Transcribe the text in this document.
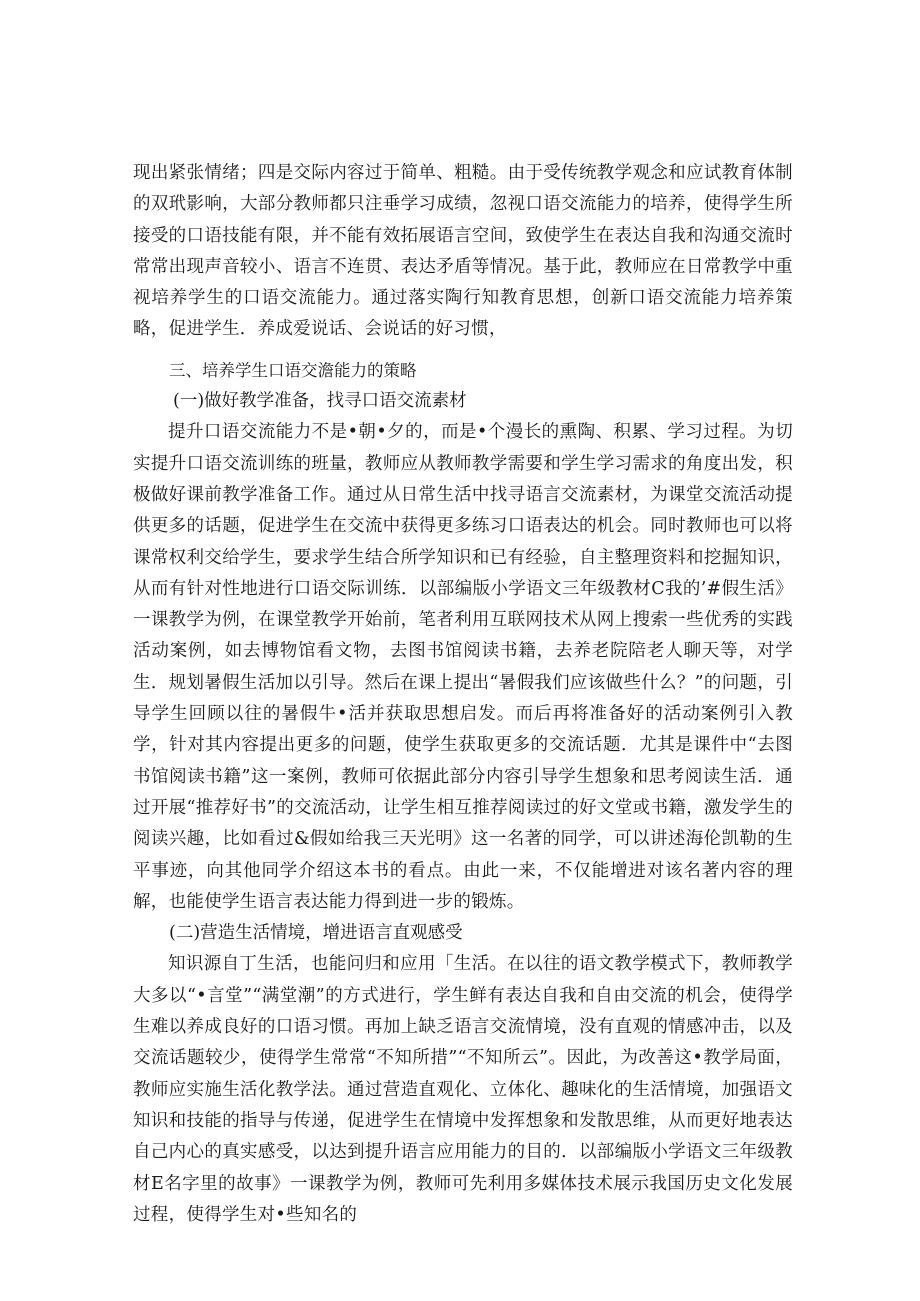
现出紧张情绪；四是交际内容过于简单、粗糙。由于受传统教学观念和应试教育体制的双玳影响，大部分教师都只注垂学习成绩，忽视口语交流能力的培养，使得学生所接受的口语技能有限，并不能有效拓展语言空间，致使学生在表达自我和沟通交流时常常出现声音较小、语言不连贯、表达矛盾等情况。基于此，教师应在日常教学中重视培养学生的口语交流能力。通过落实陶行知教育思想，创新口语交流能力培养策略，促进学生．养成爱说话、会说话的好习惯，

三、培养学生口语交澹能力的策略

(一)做好教学准备，找寻口语交流素材

提升口语交流能力不是•朝•夕的，而是•个漫长的熏陶、积累、学习过程。为切实提升口语交流训练的班量，教师应从教师教学需要和学生学习需求的角度出发，积极做好课前教学准备工作。通过从日常生活中找寻语言交流素材，为课堂交流活动提供更多的话题，促进学生在交流中获得更多练习口语表达的机会。同时教师也可以将课常权利交给学生，要求学生结合所学知识和已有经验，自主整理资料和挖掘知识，从而有针对性地进行口语交际训练．以部编版小学语文三年级教材C我的’#假生活》一课教学为例，在课堂教学开始前，笔者利用互联网技术从网上搜索一些优秀的实践活动案例，如去博物馆看文物，去图书馆阅读书籍，去养老院陪老人聊天等，对学生．规划暑假生活加以引导。然后在课上提出“暑假我们应该做些什么？”的问题，引导学生回顾以往的暑假牛•活并获取思想启发。而后再将准备好的活动案例引入教学，针对其内容提出更多的问题，使学生获取更多的交流话题．尤其是课件中“去图书馆阅读书籍”这一案例，教师可依据此部分内容引导学生想象和思考阅读生活．通过开展“推荐好书”的交流活动，让学生相互推荐阅读过的好文堂或书籍，激发学生的阅读兴趣，比如看过&假如给我三天光明》这一名著的同学，可以讲述海伦凯勒的生平事迹，向其他同学介绍这本书的看点。由此一来，不仅能增进对该名著内容的理解，也能使学生语言表达能力得到进一步的锻炼。

(二)营造生活情境，增进语言直观感受

知识源自丁生活，也能问归和应用「生活。在以往的语文教学模式下，教师教学大多以“•言堂”“满堂潮”的方式进行，学生鲜有表达自我和自由交流的机会，使得学生难以养成良好的口语习惯。再加上缺乏语言交流情境，没有直观的情感冲击，以及交流话题较少，使得学生常常“不知所措”“不知所云”。因此，为改善这•教学局面，教师应实施生活化教学法。通过营造直观化、立体化、趣味化的生活情境，加强语文知识和技能的指导与传递，促进学生在情境中发挥想象和发散思维，从而更好地表达自己内心的真实感受，以达到提升语言应用能力的目的．以部编版小学语文三年级教材E名字里的故事》一课教学为例，教师可先利用多媒体技术展示我国历史文化发展过程，使得学生对•些知名的
